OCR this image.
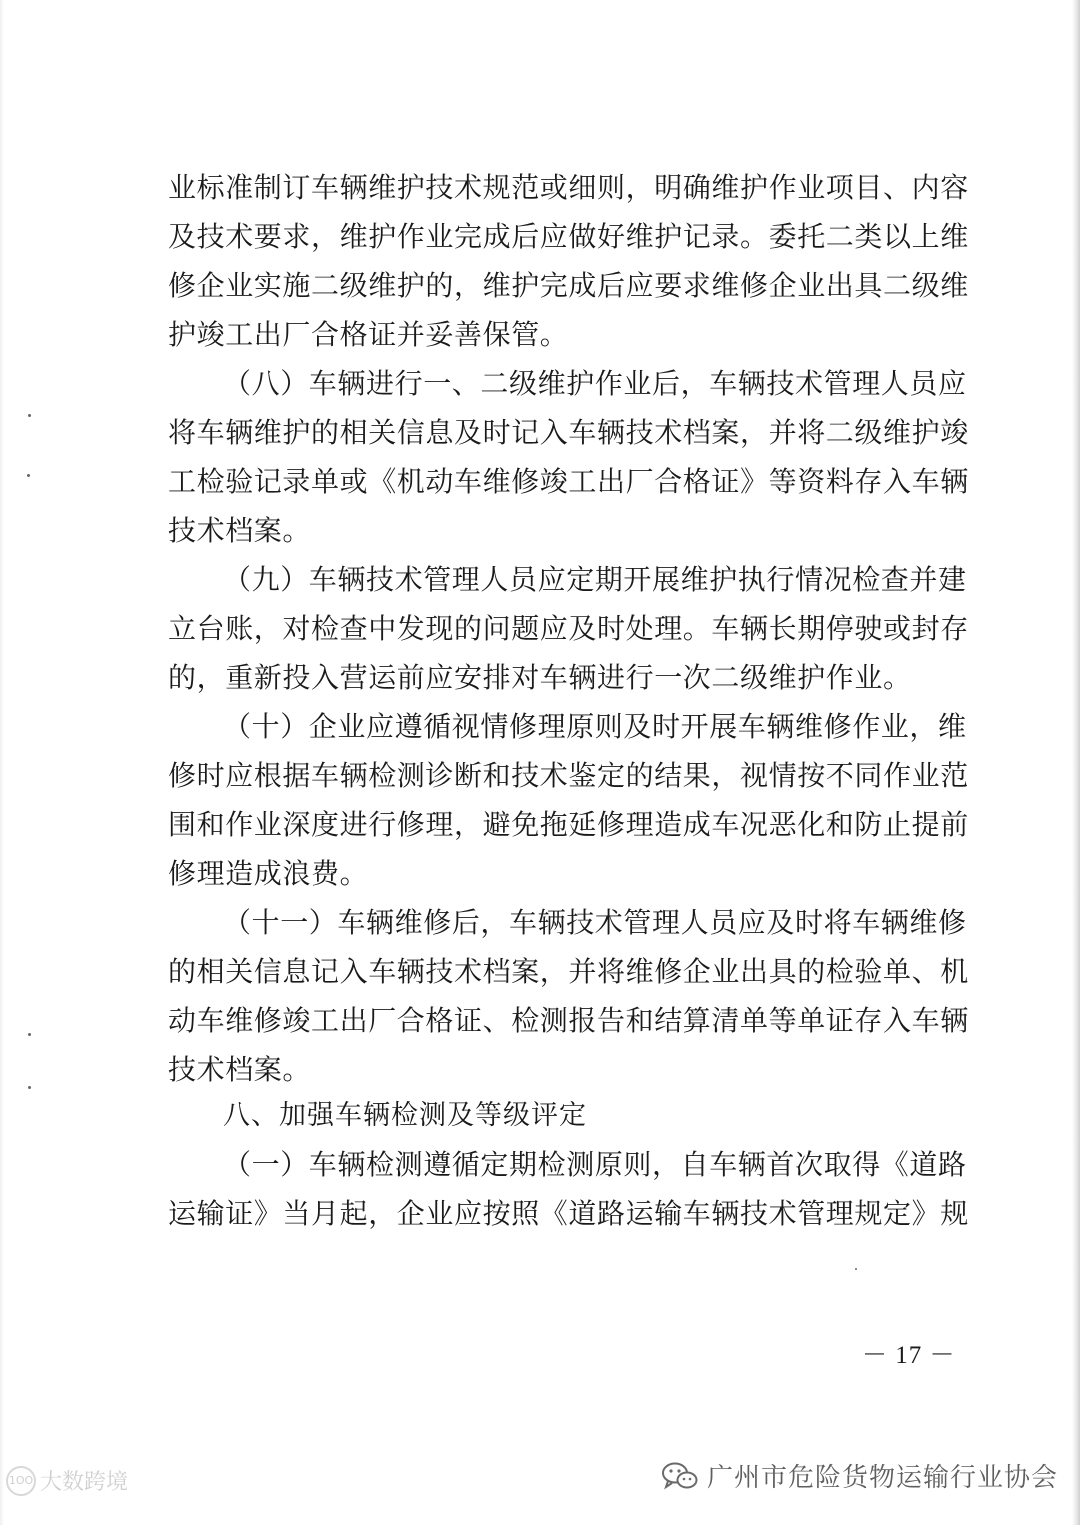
业标准制订车辆维护技术规范或细则，明确维护作业项目、内容
及技术要求，维护作业完成后应做好维护记录。委托二类以上维
修企业实施二级维护的，维护完成后应要求维修企业出具二级维
护竣工出厂合格证并妥善保管。
（八）车辆进行一、二级维护作业后，车辆技术管理人员应
将车辆维护的相关信息及时记入车辆技术档案，并将二级维护竣
工检验记录单或《机动车维修竣工出厂合格证》等资料存入车辆
技术档案。
（九）车辆技术管理人员应定期开展维护执行情况检查并建
立台账，对检查中发现的问题应及时处理。车辆长期停驶或封存
的，重新投入营运前应安排对车辆进行一次二级维护作业。
（十）企业应遵循视情修理原则及时开展车辆维修作业，维
修时应根据车辆检测诊断和技术鉴定的结果，视情按不同作业范
围和作业深度进行修理，避免拖延修理造成车况恶化和防止提前
修理造成浪费。
（十一）车辆维修后，车辆技术管理人员应及时将车辆维修
的相关信息记入车辆技术档案，并将维修企业出具的检验单、机
动车维修竣工出厂合格证、检测报告和结算清单等单证存入车辆
技术档案。
八、加强车辆检测及等级评定
（一）车辆检测遵循定期检测原则，自车辆首次取得《道路
运输证》当月起，企业应按照《道路运输车辆技术管理规定》规
－ 17 －
1OO 大数跨境	广州市危险货物运输行业协会
